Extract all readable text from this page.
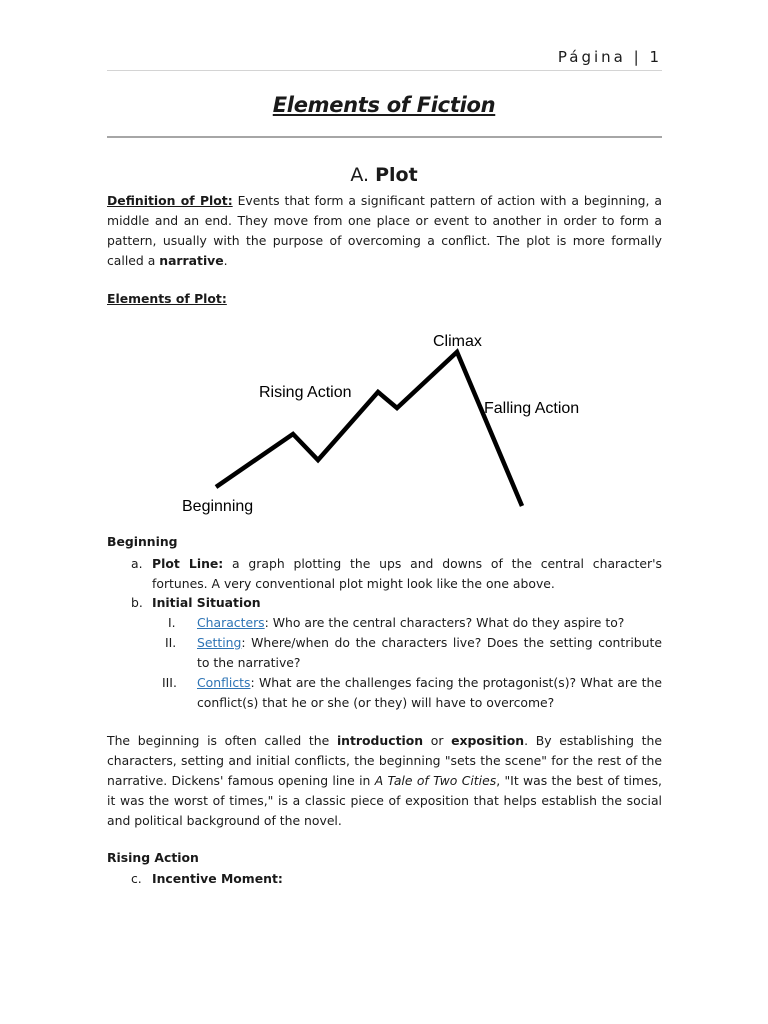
Página | 1
Elements of Fiction
A. Plot
Definition of Plot: Events that form a significant pattern of action with a beginning, a middle and an end. They move from one place or event to another in order to form a pattern, usually with the purpose of overcoming a conflict. The plot is more formally called a narrative.
Elements of Plot:
Beginning
Rising Action
Climax
Falling Action
Beginning
a. Plot Line: a graph plotting the ups and downs of the central character's fortunes. A very conventional plot might look like the one above.
b. Initial Situation
I. Characters: Who are the central characters? What do they aspire to?
II. Setting: Where/when do the characters live? Does the setting contribute to the narrative?
III. Conflicts: What are the challenges facing the protagonist(s)? What are the conflict(s) that he or she (or they) will have to overcome?
The beginning is often called the introduction or exposition. By establishing the characters, setting and initial conflicts, the beginning "sets the scene" for the rest of the narrative. Dickens' famous opening line in A Tale of Two Cities, "It was the best of times, it was the worst of times," is a classic piece of exposition that helps establish the social and political background of the novel.
Rising Action
c. Incentive Moment:
